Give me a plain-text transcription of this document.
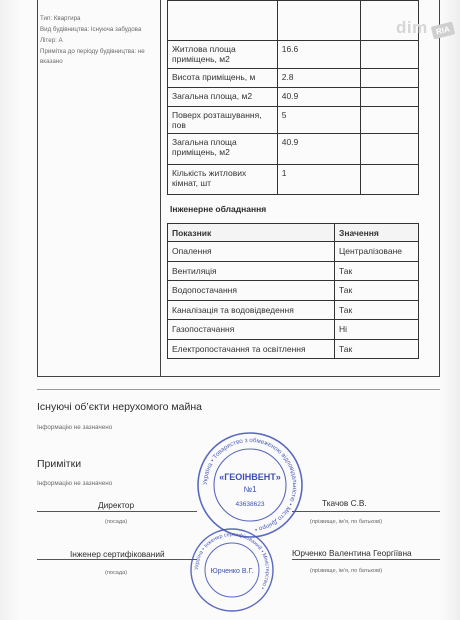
Тип: Квартира
Вид будівництва: Існуюча забудова
Літер: А
Примітка до періоду будівництва: не вказано

Житлова площа приміщень, м2	16.6	
Висота приміщень, м	2.8	
Загальна площа, м2	40.9	
Поверх розташування, пов	5	
Загальна площа приміщень, м2	40.9	
Кількість житлових кімнат, шт	1	
Інженерне обладнання
Показник	Значення
Опалення	Централізоване
Вентиляція	Так
Водопостачання	Так
Каналізація та водовідведення	Так
Газопостачання	Ні
Електропостачання та освітлення	Так
Існуючі об’єкти нерухомого майна
Інформацію не зазначено
Примітки
Інформацію не зазначено
Директор
(посада)
Ткачов С.В.
(прізвище, ім’я, по батькові)
Інженер сертифікований
(посада)
Юрченко Валентина Георгіївна
(прізвище, ім’я, по батькові)
Україна • Товариство з обмеженою відповідальністю • Місто Дніпро •
«ГЕОІНВЕНТ»
№1
43638623
Україна • Інженер сертифікований • Міністерство •
Юрченко В.Г.
dim RIA
